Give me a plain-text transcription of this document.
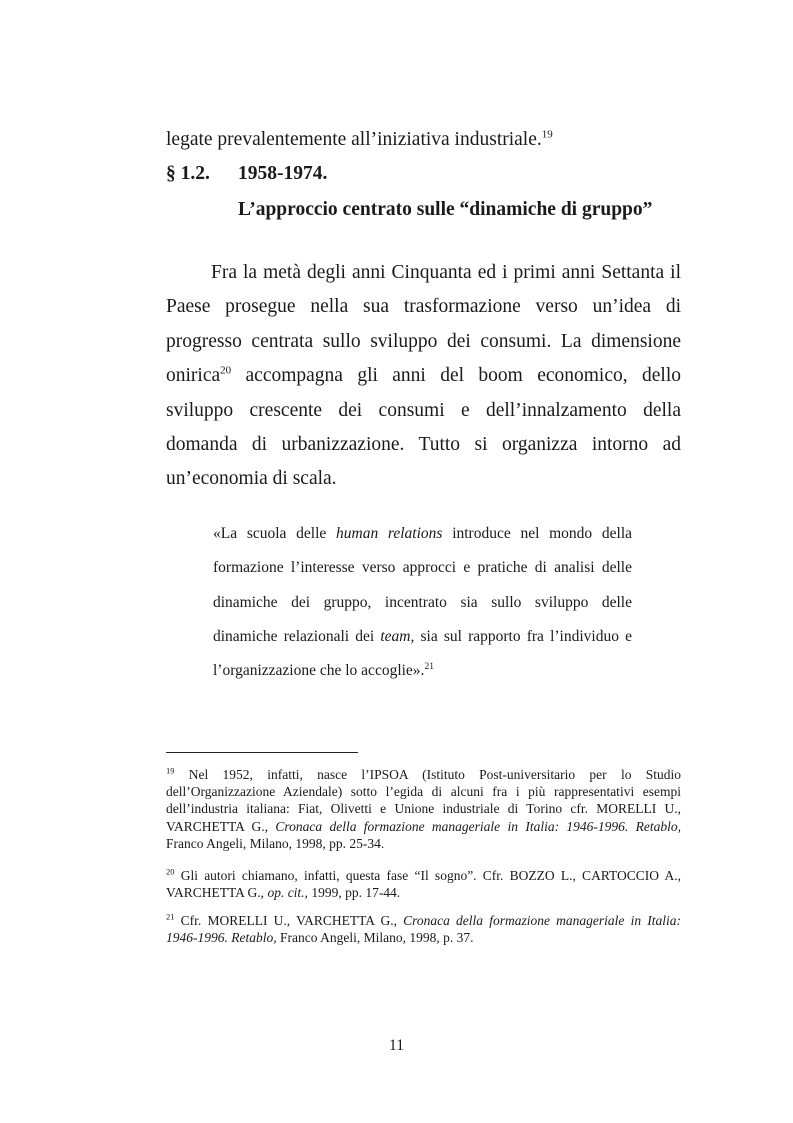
legate prevalentemente all’iniziativa industriale.$^{19}$
§ 1.2. 1958-1974.
L’approccio centrato sulle “dinamiche di gruppo”

Fra la metà degli anni Cinquanta ed i primi anni Settanta il Paese prosegue nella sua trasformazione verso un’idea di progresso centrata sullo sviluppo dei consumi. La dimensione onirica$^{20}$ accompagna gli anni del boom economico, dello sviluppo crescente dei consumi e dell’innalzamento della domanda di urbanizzazione. Tutto si organizza intorno ad un’economia di scala.

«La scuola delle human relations introduce nel mondo della formazione l’interesse verso approcci e pratiche di analisi delle dinamiche dei gruppo, incentrato sia sullo sviluppo delle dinamiche relazionali dei team, sia sul rapporto fra l’individuo e l’organizzazione che lo accoglie».$^{21}$

$^{19}$ Nel 1952, infatti, nasce l’IPSOA (Istituto Post-universitario per lo Studio dell’Organizzazione Aziendale) sotto l’egida di alcuni fra i più rappresentativi esempi dell’industria italiana: Fiat, Olivetti e Unione industriale di Torino cfr. MORELLI U., VARCHETTA G., Cronaca della formazione manageriale in Italia: 1946-1996. Retablo, Franco Angeli, Milano, 1998, pp. 25-34.

$^{20}$ Gli autori chiamano, infatti, questa fase “Il sogno”. Cfr. BOZZO L., CARTOCCIO A., VARCHETTA G., op. cit., 1999, pp. 17-44.

$^{21}$ Cfr. MORELLI U., VARCHETTA G., Cronaca della formazione manageriale in Italia: 1946-1996. Retablo, Franco Angeli, Milano, 1998, p. 37.

11
